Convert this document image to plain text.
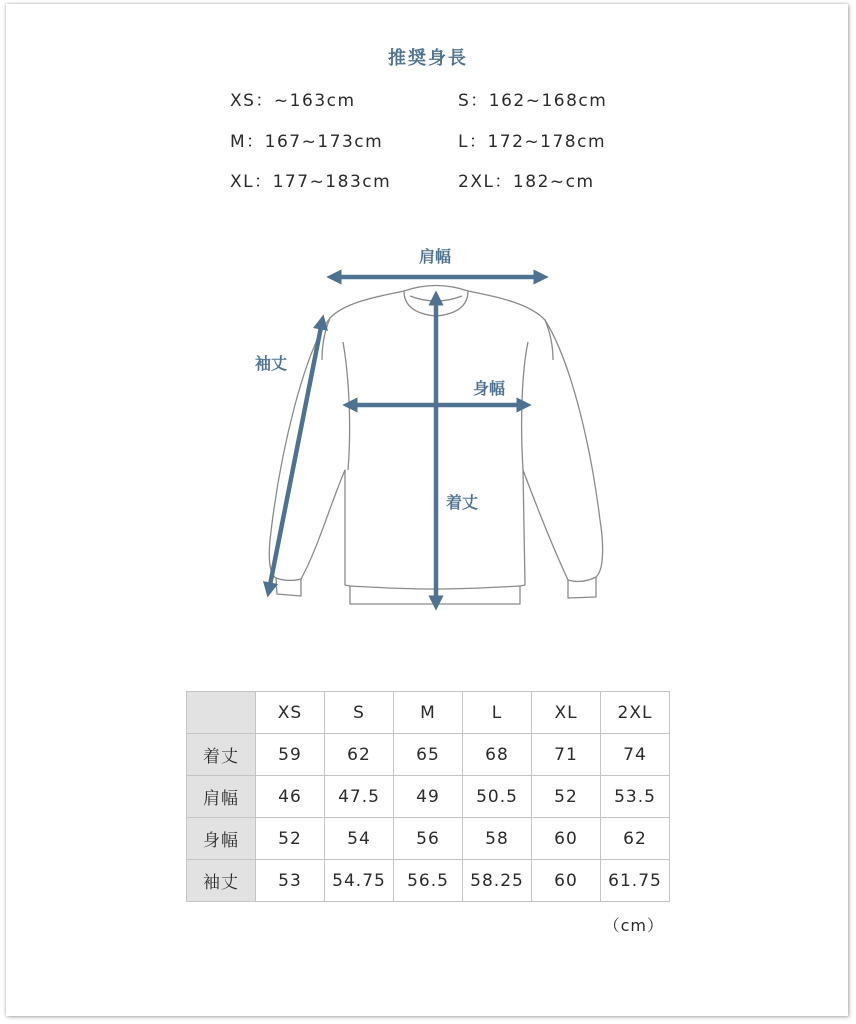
推奨身長
XS：~163cm	S：162~168cm
M：167~173cm	L：172~178cm
XL：177~183cm	2XL：182~cm
肩幅
袖丈
身幅
着丈
	XS	S	M	L	XL	2XL
着丈	59	62	65	68	71	74
肩幅	46	47.5	49	50.5	52	53.5
身幅	52	54	56	58	60	62
袖丈	53	54.75	56.5	58.25	60	61.75
（cm）
